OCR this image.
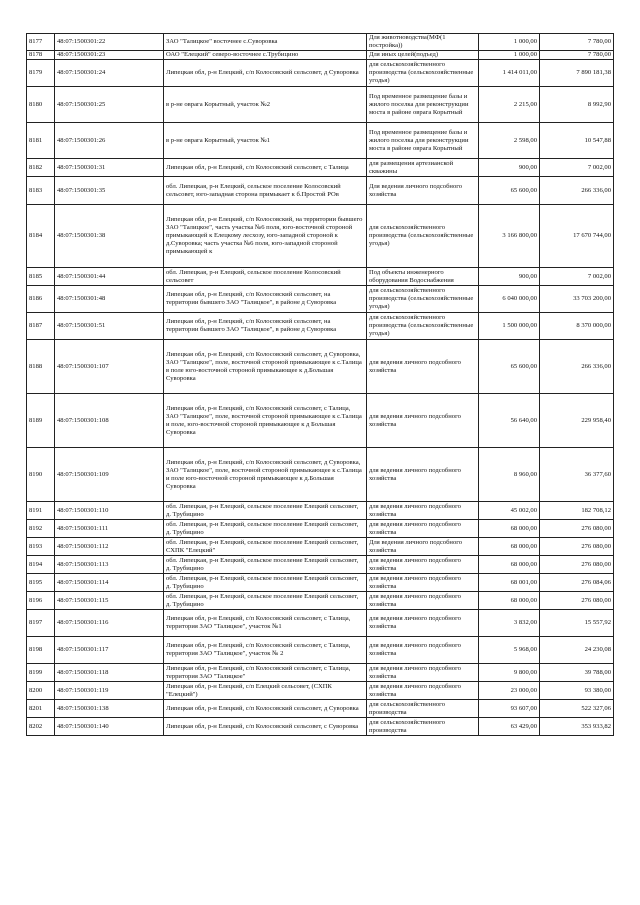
8177	48:07:1500301:22	ЗАО "Талицкое" восточнее с.Суворовка	Для животноводства(МФ(1 постройка))	1 000,00	7 780,00
8178	48:07:1500301:23	ОАО "Елецкий" северо-восточнее с.Трубицино	Для иных целей(подъед)	1 000,00	7 780,00
8179	48:07:1500301:24	Липецкая обл, р-н Елецкий, с/п Колосовский сельсовет, д Суворовка	для сельскохозяйственного производства (сельскохозяйственные угодья)	1 414 011,00	7 890 181,38
8180	48:07:1500301:25	в р-не оврага Корытный, участок №2	Под временное размещение базы и жилого поселка для реконструкции моста в районе оврага Корытный	2 215,00	8 992,90
8181	48:07:1500301:26	в р-не оврага Корытный, участок №1	Под временное размещение базы и жилого поселка для реконструкции моста в районе оврага Корытный	2 598,00	10 547,88
8182	48:07:1500301:31	Липецкая обл, р-н Елецкий, с/п Колосовский сельсовет, с Талица	для размещения артезианской скважины	900,00	7 002,00
8183	48:07:1500301:35	обл. Липецкая, р-н Елецкий, сельское поселение Колосовский сельсовет, юго-западная сторона примыкает к б.Простой РОв	Для ведения личного подсобного хозяйства	65 600,00	266 336,00
8184	48:07:1500301:38	Липецкая обл, р-н Елецкий, с/п Колосовский, на территории бывшего ЗАО "Талицкое", часть участка №6 поля, юго-восточной стороной примыкающей к Елецкому лесхозу, юго-западной стороной к д.Суворовка; часть участка №6 поля, юго-западной стороной примыкающей к	для сельскохозяйственного производства (сельскохозяйственные угодья)	3 166 800,00	17 670 744,00
8185	48:07:1500301:44	обл. Липецкая, р-н Елецкий, сельское поселение Колосовский сельсовет	Под объекты инженерного оборудования Водоснабжения	900,00	7 002,00
8186	48:07:1500301:48	Липецкая обл, р-н Елецкий, с/п Колосовский сельсовет, на территории бывшего ЗАО "Талицкое", в районе д Суворовка	для сельскохозяйственного производства (сельскохозяйственные угодья)	6 040 000,00	33 703 200,00
8187	48:07:1500301:51	Липецкая обл, р-н Елецкий, с/п Колосовский сельсовет, на территории бывшего ЗАО "Талицкое", в районе д Суворовка	для сельскохозяйственного производства (сельскохозяйственные угодья)	1 500 000,00	8 370 000,00
8188	48:07:1500301:107	Липецкая обл, р-н Елецкий, с/п Колосовский сельсовет, д Суворовка, ЗАО "Талицкое", поле, восточной стороной примыкающее к с.Талица в поле юго-восточной стороной примыкающее к д.Большая Суворовка	для ведения личного подсобного хозяйства	65 600,00	266 336,00
8189	48:07:1500301:108	Липецкая обл, р-н Елецкий, с/п Колосовский сельсовет, с Талица, ЗАО "Талицкое", поле, восточной стороной примыкающее к с.Талица и поле, юго-восточной стороной примыкающее к д Большая Суворовка	для ведения личного подсобного хозяйства	56 640,00	229 958,40
8190	48:07:1500301:109	Липецкая обл, р-н Елецкий, с/п Колосовский сельсовет, д Суворовка, ЗАО "Талицкое", поле, восточной стороной примыкающее к с.Талица и поле юго-восточной стороной примыкающее к д.Большая Суворовка	для ведения личного подсобного хозяйства	8 960,00	36 377,60
8191	48:07:1500301:110	обл. Липецкая, р-н Елецкий, сельское поселение Елецкий сельсовет, д. Трубицино	для ведения личного подсобного хозяйства	45 002,00	182 708,12
8192	48:07:1500301:111	обл. Липецкая, р-н Елецкий, сельское поселение Елецкий сельсовет, д. Трубицино	для ведения личного подсобного хозяйства	68 000,00	276 080,00
8193	48:07:1500301:112	обл. Липецкая, р-н Елецкий, сельское поселение Елецкий сельсовет, СХПК "Елецкий"	Для ведения личного подсобного хозяйства	68 000,00	276 080,00
8194	48:07:1500301:113	обл. Липецкая, р-н Елецкий, сельское поселение Елецкий сельсовет, д. Трубицино	для ведения личного подсобного хозяйства	68 000,00	276 080,00
8195	48:07:1500301:114	обл. Липецкая, р-н Елецкий, сельское поселение Елецкий сельсовет, д. Трубицино	для ведения личного подсобного хозяйства	68 001,00	276 084,06
8196	48:07:1500301:115	обл. Липецкая, р-н Елецкий, сельское поселение Елецкий сельсовет, д. Трубицино	для ведения личного подсобного хозяйства	68 000,00	276 080,00
8197	48:07:1500301:116	Липецкая обл, р-н Елецкий, с/п Колосовский сельсовет, с Талица, территория ЗАО "Талицкое", участок №1	для ведения личного подсобного хозяйства	3 832,00	15 557,92
8198	48:07:1500301:117	Липецкая обл, р-н Елецкий, с/п Колосовский сельсовет, с Талица, территория ЗАО "Талицкое", участок № 2	для ведения личного подсобного хозяйства	5 968,00	24 230,08
8199	48:07:1500301:118	Липецкая обл, р-н Елецкий, с/п Колосовский сельсовет, с Талица, территория ЗАО "Талицкое"	для ведения личного подсобного хозяйства	9 800,00	39 788,00
8200	48:07:1500301:119	Липецкая обл, р-н Елецкий, с/п Елецкий сельсовет, (СХПК "Елецкий")	для ведения личного подсобного хозяйства	23 000,00	93 380,00
8201	48:07:1500301:138	Липецкая обл, р-н Елецкий, с/п Колосовский сельсовет, д Суворовка	для сельскохозяйственного производства	93 607,00	522 327,06
8202	48:07:1500301:140	Липецкая обл, р-н Елецкий, с/п Колосовский сельсовет, с Суворовка	для сельскохозяйственного производства	63 429,00	353 933,82
